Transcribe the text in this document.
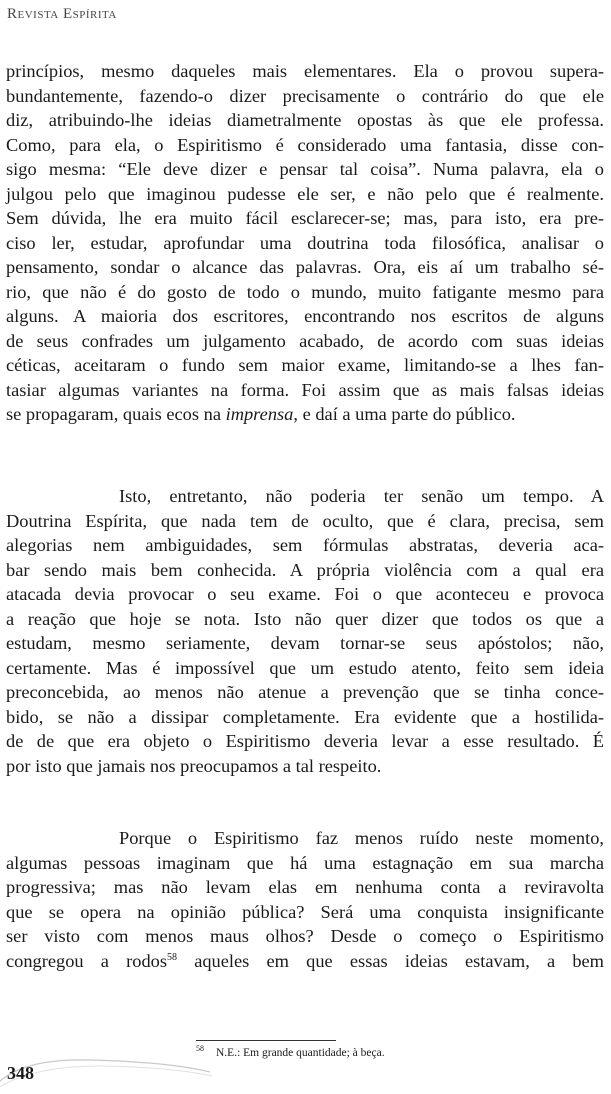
Revista Espírita
princípios, mesmo daqueles mais elementares. Ela o provou supera-
bundantemente, fazendo-o dizer precisamente o contrário do que ele
diz, atribuindo-lhe ideias diametralmente opostas às que ele professa.
Como, para ela, o Espiritismo é considerado uma fantasia, disse con-
sigo mesma: “Ele deve dizer e pensar tal coisa”. Numa palavra, ela o
julgou pelo que imaginou pudesse ele ser, e não pelo que é realmente.
Sem dúvida, lhe era muito fácil esclarecer-se; mas, para isto, era pre-
ciso ler, estudar, aprofundar uma doutrina toda filosófica, analisar o
pensamento, sondar o alcance das palavras. Ora, eis aí um trabalho sé-
rio, que não é do gosto de todo o mundo, muito fatigante mesmo para
alguns. A maioria dos escritores, encontrando nos escritos de alguns
de seus confrades um julgamento acabado, de acordo com suas ideias
céticas, aceitaram o fundo sem maior exame, limitando-se a lhes fan-
tasiar algumas variantes na forma. Foi assim que as mais falsas ideias
se propagaram, quais ecos na imprensa, e daí a uma parte do público.
Isto, entretanto, não poderia ter senão um tempo. A
Doutrina Espírita, que nada tem de oculto, que é clara, precisa, sem
alegorias nem ambiguidades, sem fórmulas abstratas, deveria aca-
bar sendo mais bem conhecida. A própria violência com a qual era
atacada devia provocar o seu exame. Foi o que aconteceu e provoca
a reação que hoje se nota. Isto não quer dizer que todos os que a
estudam, mesmo seriamente, devam tornar-se seus apóstolos; não,
certamente. Mas é impossível que um estudo atento, feito sem ideia
preconcebida, ao menos não atenue a prevenção que se tinha conce-
bido, se não a dissipar completamente. Era evidente que a hostilida-
de de que era objeto o Espiritismo deveria levar a esse resultado. É
por isto que jamais nos preocupamos a tal respeito.
Porque o Espiritismo faz menos ruído neste momento,
algumas pessoas imaginam que há uma estagnação em sua marcha
progressiva; mas não levam elas em nenhuma conta a reviravolta
que se opera na opinião pública? Será uma conquista insignificante
ser visto com menos maus olhos? Desde o começo o Espiritismo
congregou a rodos$^{58}$ aqueles em que essas ideias estavam, a bem
$^{58}$ N.E.: Em grande quantidade; à beça.
348
